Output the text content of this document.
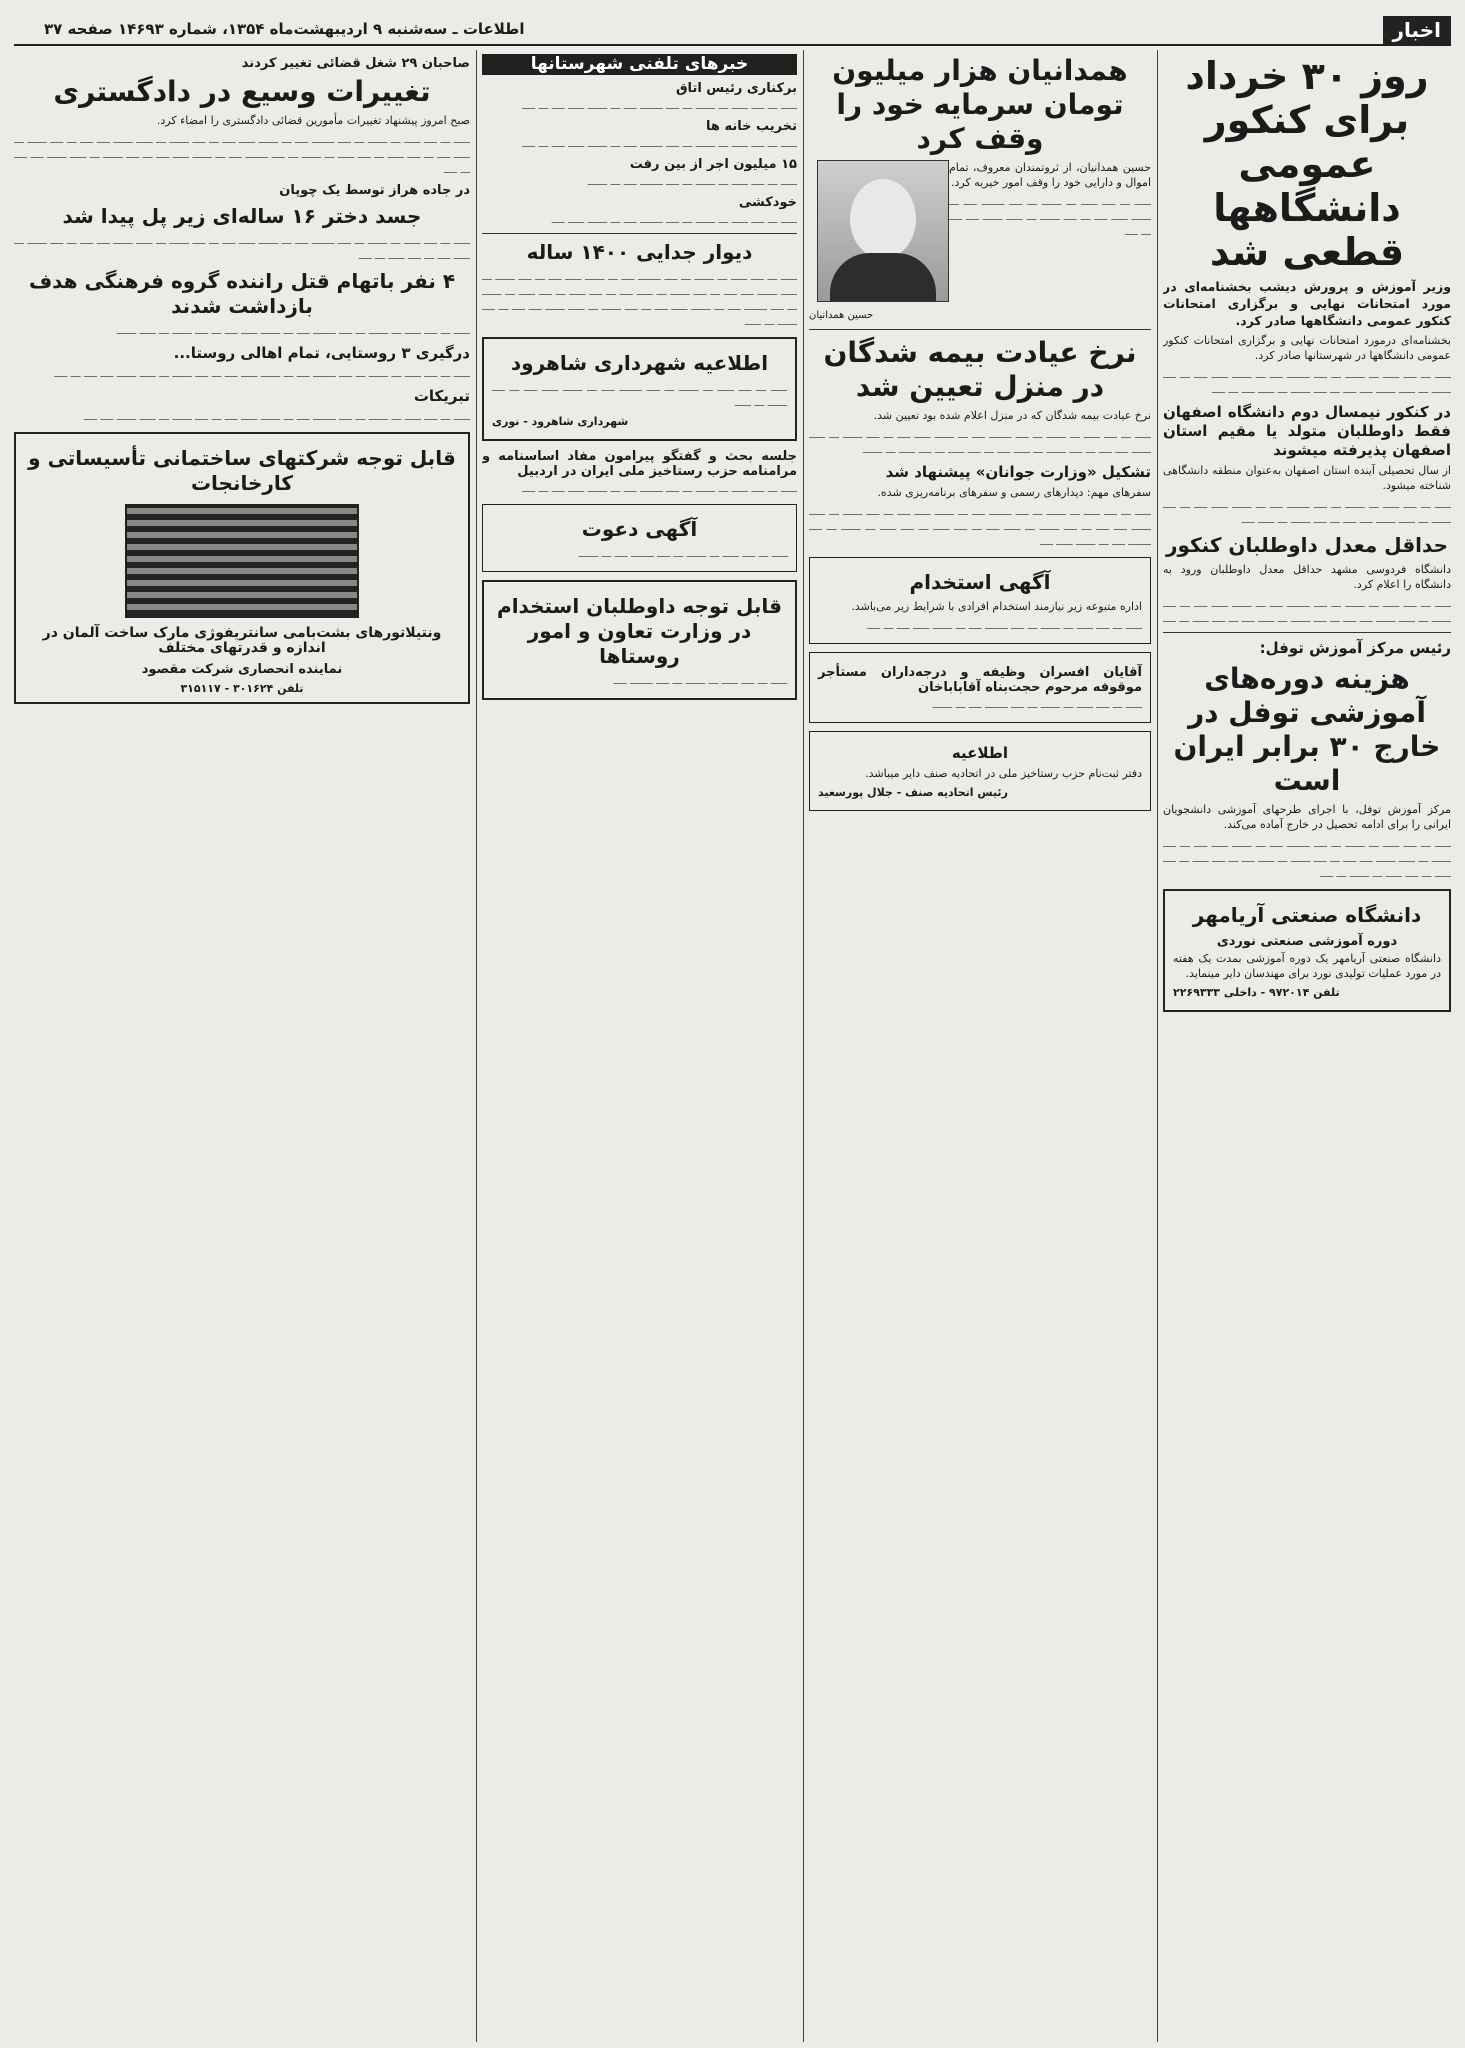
اخبار
اطلاعات ـ سه‌شنبه ۹ اردیبهشت‌ماه ۱۳۵۴، شماره ۱۴۶۹۳ صفحه ۳۷
روز ۳۰ خرداد برای کنکور عمومی دانشگاهها قطعی شد
وزیر آموزش و پرورش دیشب بخشنامه‌ای در مورد امتحانات نهایی و برگزاری امتحانات کنکور عمومی دانشگاهها صادر کرد.

بخشنامه‌ای درمورد امتحانات نهایی و برگزاری امتحانات کنکور عمومی دانشگاهها در شهرستانها صادر کرد.

ـــــ ـــ ــــ ـــــ ـــ ــــــ ـــ ــــ ـــــــ ــــ ـــ ــــــ ـــــ ــــ ـــ ــــ ــــــ ـــ ـــــ ــــــ ــــ ــــ ـــ ــــ ــــــ ـــ ـــــ ــــ ـــ ــــ

در کنکور نیمسال دوم دانشگاه اصفهان فقط داوطلبان متولد یا مقیم استان اصفهان پذیرفته میشوند

از سال تحصیلی آینده استان اصفهان به‌عنوان منطقه دانشگاهی شناخته میشود.

ـــــ ـــ ــــ ـــــ ـــ ــــــ ـــ ــــ ـــــــ ــــ ـــ ــــــ ـــــ ــــ ـــ ــــ ــــــ ـــ ـــــ ــــــ ــــ ــــ ـــ ــــ ــــــ ـــ ـــــ ــــ

حداقل معدل داوطلبان کنکور

دانشگاه فردوسی مشهد حداقل معدل داوطلبان ورود به دانشگاه را اعلام کرد.

ـــــ ـــ ــــ ـــــ ـــ ــــــ ـــ ــــ ـــــــ ــــ ـــ ــــــ ـــــ ــــ ـــ ــــ ــــــ ـــ ـــــ ــــــ ــــ ــــ ـــ ــــ ــــــ ـــ ـــــ ــــ ـــ ــــ ـــــ ـــ ــــ

رئیس مرکز آموزش توفل:
هزینه دوره‌های آموزشی توفل در خارج ۳۰ برابر ایران است

مرکز آموزش توفل، با اجرای طرحهای آموزشی دانشجویان ایرانی را برای ادامه تحصیل در خارج آماده می‌کند.

ـــــ ـــ ــــ ـــــ ـــ ــــــ ـــ ــــ ـــــــ ــــ ـــ ــــــ ـــــ ــــ ـــ ــــ ــــــ ـــ ـــــ ــــــ ــــ ــــ ـــ ــــ ــــــ ـــ ـــــ ــــ ـــ ــــ ـــــ ـــ ــــ ـــــ ـــ ــــ ـــــ ـــ ــــــ ـــ ــــ

دانشگاه صنعتی آریامهر
دوره آموزشی صنعتی نوردی

دانشگاه صنعتی آریامهر یک دوره آموزشی بمدت یک هفته در مورد عملیات تولیدی نورد برای مهندسان دایر مینماید.

تلفن ۹۷۲۰۱۴ - داخلی ۲۲۶۹۳۳۳

همدانیان هزار میلیون تومان سرمایه خود را وقف کرد

حسین همدانیان، از ثروتمندان معروف، تمام اموال و دارایی خود را وقف امور خیریه کرد.

ـــــ ـــ ــــ ـــــ ـــ ــــــ ـــ ــــ ـــــــ ــــ ـــ ــــــ ـــــ ــــ ـــ ــــ ــــــ ـــ ـــــ ــــــ ــــ ــــ ـــ ــــ

حسین همدانیان
نرخ عیادت بیمه شدگان در منزل تعیین شد

نرخ عیادت بیمه شدگان که در منزل اعلام شده بود تعیین شد.

ـــــ ـــ ــــ ـــــ ـــ ــــــ ـــ ــــ ـــــــ ــــ ـــ ــــــ ـــــ ــــ ـــ ــــ ــــــ ـــ ـــــ ــــــ ــــ ــــ ـــ ــــ ــــــ ـــ ـــــ ــــ ـــ ــــ ـــــ ـــ ــــ ـــــ ـــ ــــــ

تشکیل «وزارت جوانان» پیشنهاد شد

سفرهای مهم: دیدارهای رسمی و سفرهای برنامه‌ریزی شده.

ـــــ ـــ ــــ ـــــ ـــ ــــــ ـــ ــــ ـــــــ ــــ ـــ ــــــ ـــــ ــــ ـــ ــــ ــــــ ـــ ـــــ ــــــ ــــ ــــ ـــ ــــ ــــــ ـــ ـــــ ــــ ـــ ــــ ـــــ ـــ ــــ ـــــ ـــ ــــــ ـــ ــــ ـــــــ ــــ ـــ ــــــ ـــــ ــــ

آگهی استخدام

اداره متبوعه زیر نیازمند استخدام افرادی با شرایط زیر می‌باشد.

ـــــ ـــ ــــ ـــــ ـــ ــــــ ـــ ــــ ـــــــ ــــ ـــ ــــــ ـــــ ــــ ـــ ــــ

آقایان افسران وظیفه و درجه‌داران مستأجر موقوفه مرحوم حجت‌بناه آقابابا‌خان

ـــــ ـــ ــــ ـــــ ـــ ــــــ ـــ ــــ ـــــــ ــــ ـــ ــــــ

اطلاعیه

دفتر ثبت‌نام حزب رستاخیز ملی در اتحادیه صنف دایر میباشد.

رئیس اتحادیه صنف - جلال پورسعید

خبرهای تلفنی شهرستانها
برکناری رئیس اتاق

ـــــ ـــ ــــ ـــــ ـــ ــــــ ـــ ــــ ـــــــ ــــ ـــ ــــــ ـــــ ــــ ـــ ــــ

تخریب خانه ها

ـــــ ـــ ــــ ـــــ ـــ ــــــ ـــ ــــ ـــــــ ــــ ـــ ــــــ ـــــ ــــ ـــ ــــ

۱۵ میلیون اجر از بین رفت

ـــــ ـــ ــــ ـــــ ـــ ــــــ ـــ ــــ ـــــــ ــــ ـــ ــــــ

خودکشی

ـــــ ـــ ــــ ـــــ ـــ ــــــ ـــ ــــ ـــــــ ــــ ـــ ــــــ ـــــ ــــ

دیوار جدایی ۱۴۰۰ ساله

ـــــ ـــ ــــ ـــــ ـــ ــــــ ـــ ــــ ـــــــ ــــ ـــ ــــــ ـــــ ــــ ـــ ــــ ــــــ ـــ ـــــ ــــــ ــــ ــــ ـــ ــــ ــــــ ـــ ـــــ ــــ ـــ ــــ ـــــ ـــ ــــ ـــــ ـــ ــــــ ـــ ــــ ـــــــ ــــ ـــ ــــــ ـــــ ــــ ـــ ــــ ــــــ ـــ ـــــ ــــــ ــــ ــــ ـــ ــــ ــــــ ـــ ـــــ

اطلاعیه شهرداری شاهرود

ـــــ ـــ ــــ ـــــ ـــ ــــــ ـــ ــــ ـــــــ ــــ ـــ ــــــ ـــــ ــــ ـــ ــــ ــــــ ـــ ـــــ

شهرداری شاهرود - نوری

جلسه بحث و گفتگو پیرامون مفاد اساسنامه و مرامنامه حزب رستاخیز ملی ایران در اردبیل

ـــــ ـــ ــــ ـــــ ـــ ــــــ ـــ ــــ ـــــــ ــــ ـــ ــــــ ـــــ ــــ ـــ ــــ

آگهی دعوت

ـــــ ـــ ــــ ـــــ ـــ ــــــ ـــ ــــ ـــــــ ــــ ـــ ــــــ

قابل توجه داوطلبان استخدام در وزارت تعاون و امور روستاها

ـــــ ـــ ــــ ـــــ ـــ ــــــ ـــ ــــ ـــــــ ــــ

صاحبان ۲۹ شغل قضائی تغییر کردند
تغییرات وسیع در دادگستری

صبح امروز پیشنهاد تغییرات مأمورین قضائی دادگستری را امضاء کرد.

ـــــ ـــ ــــ ـــــ ـــ ــــــ ـــ ــــ ـــــــ ــــ ـــ ــــــ ـــــ ــــ ـــ ــــ ــــــ ـــ ـــــ ــــــ ــــ ــــ ـــ ــــ ــــــ ـــ ـــــ ــــ ـــ ــــ ـــــ ـــ ــــ ـــــ ـــ ــــــ ـــ ــــ ـــــــ ــــ ـــ ــــــ ـــــ ــــ ـــ ــــ ــــــ ـــ ـــــ ــــــ ــــ ــــ ـــ ــــ

در جاده هراز توسط یک چوپان
جسد دختر ۱۶ ساله‌ای زیر پل پیدا شد

ـــــ ـــ ــــ ـــــ ـــ ــــــ ـــ ــــ ـــــــ ــــ ـــ ــــــ ـــــ ــــ ـــ ــــ ــــــ ـــ ـــــ ــــــ ــــ ــــ ـــ ــــ ــــــ ـــ ـــــ ــــ ـــ ــــ ـــــ ـــ ــــ

۴ نفر باتهام قتل راننده گروه فرهنگی هدف بازداشت شدند

ـــــ ـــ ــــ ـــــ ـــ ــــــ ـــ ــــ ـــــــ ــــ ـــ ــــــ ـــــ ــــ ـــ ــــ ــــــ ـــ ـــــ ــــــ

درگیری ۳ روستایی، تمام اهالی روستا...

ـــــ ـــ ــــ ـــــ ـــ ــــــ ـــ ــــ ـــــــ ــــ ـــ ــــــ ـــــ ــــ ـــ ــــ ــــــ ـــ ـــــ ــــــ ــــ ــــ ـــ ــــ

تبریکات

ـــــ ـــ ــــ ـــــ ـــ ــــــ ـــ ــــ ـــــــ ــــ ـــ ــــــ ـــــ ــــ ـــ ــــ ــــــ ـــ ـــــ ــــــ ــــ ــــ

قابل توجه شرکتهای ساختمانی تأسیساتی و کارخانجات
ونتیلاتورهای بشت‌بامی سانتریفوژی مارک ساخت آلمان در اندازه و قدرتهای مختلف
نماینده انحصاری شرکت مقصود
تلفن ۳۰۱۶۲۴ - ۳۱۵۱۱۷
